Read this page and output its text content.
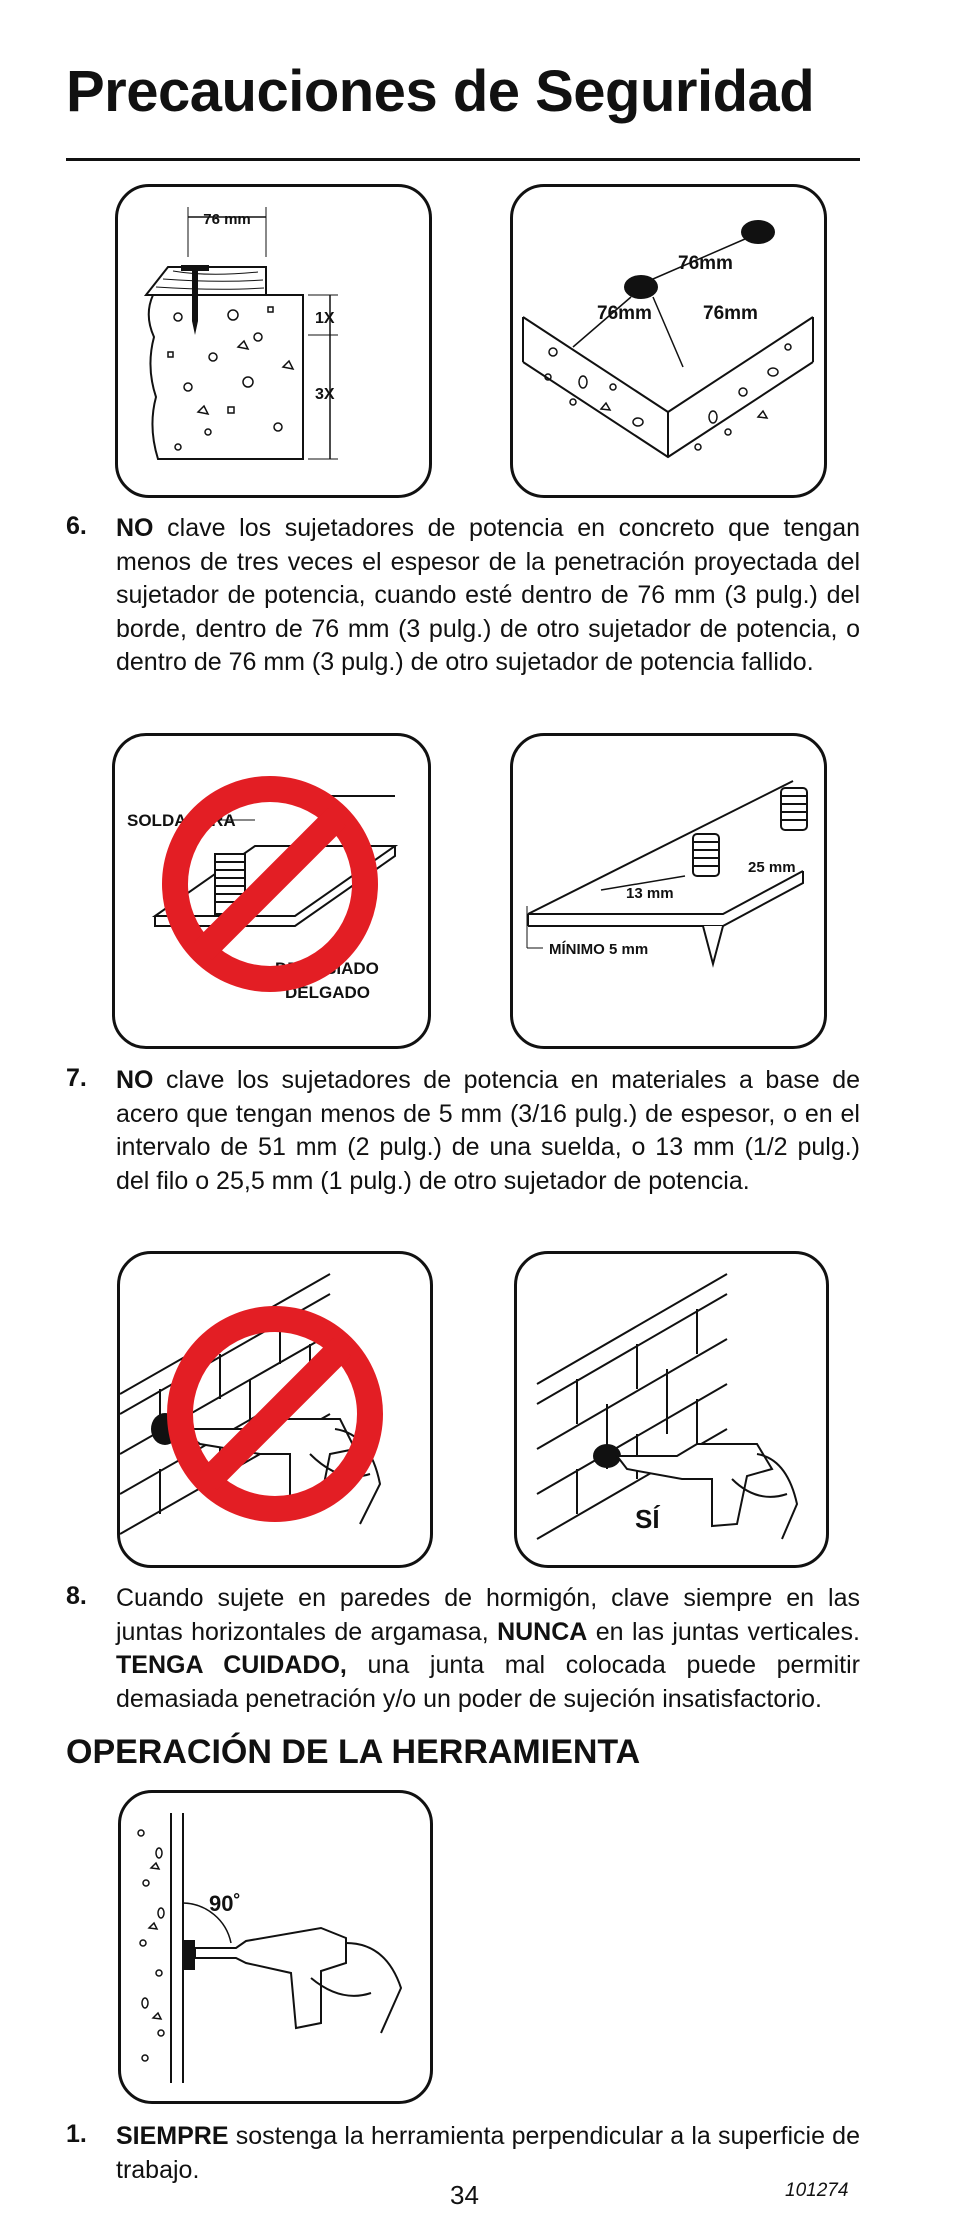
Precauciones de Seguridad
76 mm
1X
3X
76mm
76mm	76mm
6. NO clave los sujetadores de potencia en concreto que tengan menos de tres veces el espesor de la penetración proyectada del sujetador de potencia, cuando esté dentro de 76 mm (3 pulg.) del borde, dentro de 76 mm (3 pulg.) de otro sujetador de potencia, o dentro de 76 mm (3 pulg.) de otro sujetador de potencia fallido.
SOLDADURA
DEMASIADO
DELGADO
13 mm
25 mm
MÍNIMO 5 mm
7. NO clave los sujetadores de potencia en materiales a base de acero que tengan menos de 5 mm (3/16 pulg.) de espesor, o en el intervalo de 51 mm (2 pulg.) de una suelda, o 13 mm (1/2 pulg.) del filo o 25,5 mm (1 pulg.) de otro sujetador de potencia.
SÍ
8. Cuando sujete en paredes de hormigón, clave siempre en las juntas horizontales de argamasa, NUNCA en las juntas verticales. TENGA CUIDADO, una junta mal colocada puede permitir demasiada penetración y/o un poder de sujeción insatisfactorio.
OPERACIÓN DE LA HERRAMIENTA
90˚
1. SIEMPRE sostenga la herramienta perpendicular a la superficie de trabajo.
34	101274
